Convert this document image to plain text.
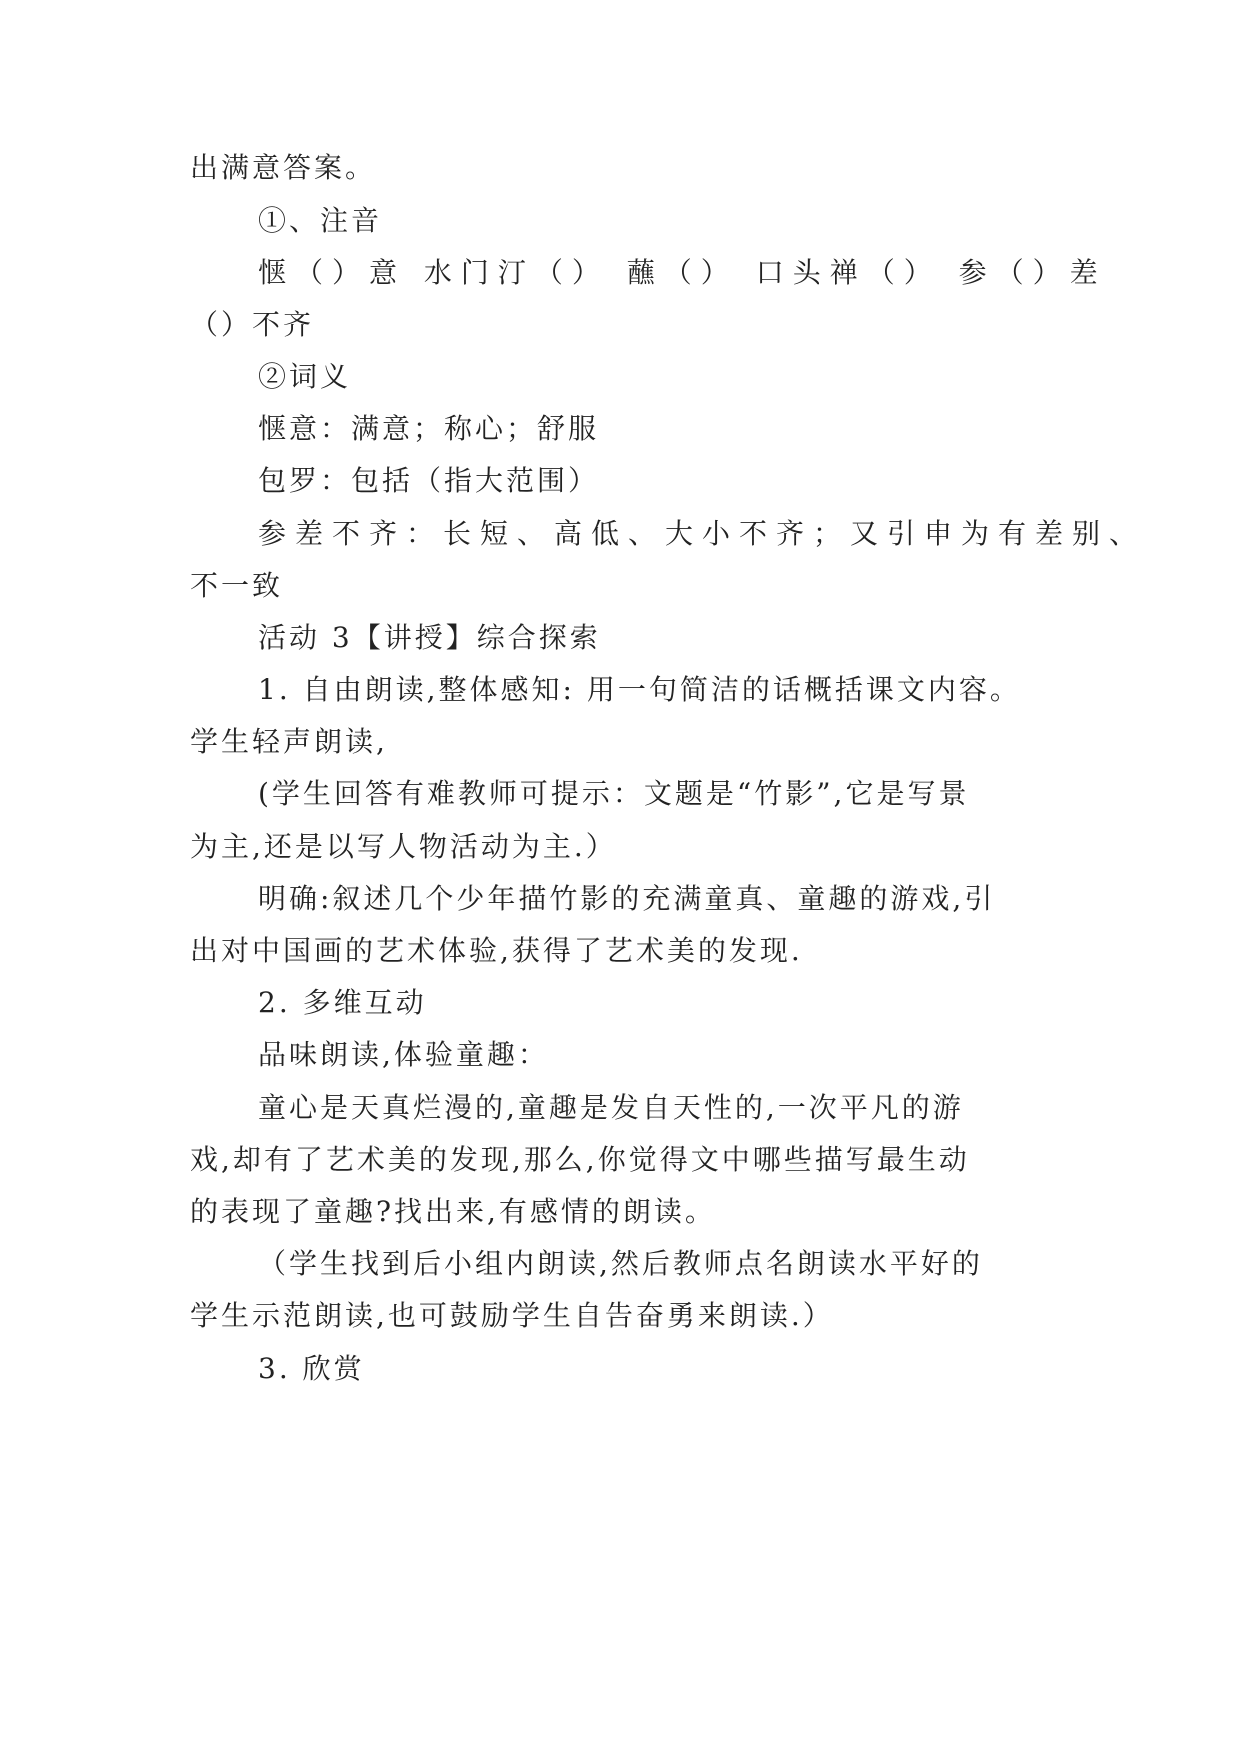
出满意答案。
①、注音
惬（）意 水门汀（） 蘸（） 口头禅（） 参（）差
（）不齐
②词义
惬意：满意；称心；舒服
包罗：包括（指大范围）
参差不齐：长短、高低、大小不齐；又引申为有差别、
不一致
活动 3【讲授】综合探索
1. 自由朗读,整体感知: 用一句简洁的话概括课文内容。
学生轻声朗读,
(学生回答有难教师可提示：文题是“竹影”,它是写景
为主,还是以写人物活动为主.）
明确:叙述几个少年描竹影的充满童真、童趣的游戏,引
出对中国画的艺术体验,获得了艺术美的发现.
2. 多维互动
品味朗读,体验童趣：
童心是天真烂漫的,童趣是发自天性的,一次平凡的游
戏,却有了艺术美的发现,那么,你觉得文中哪些描写最生动
的表现了童趣?找出来,有感情的朗读。
（学生找到后小组内朗读,然后教师点名朗读水平好的
学生示范朗读,也可鼓励学生自告奋勇来朗读.）
3. 欣赏
